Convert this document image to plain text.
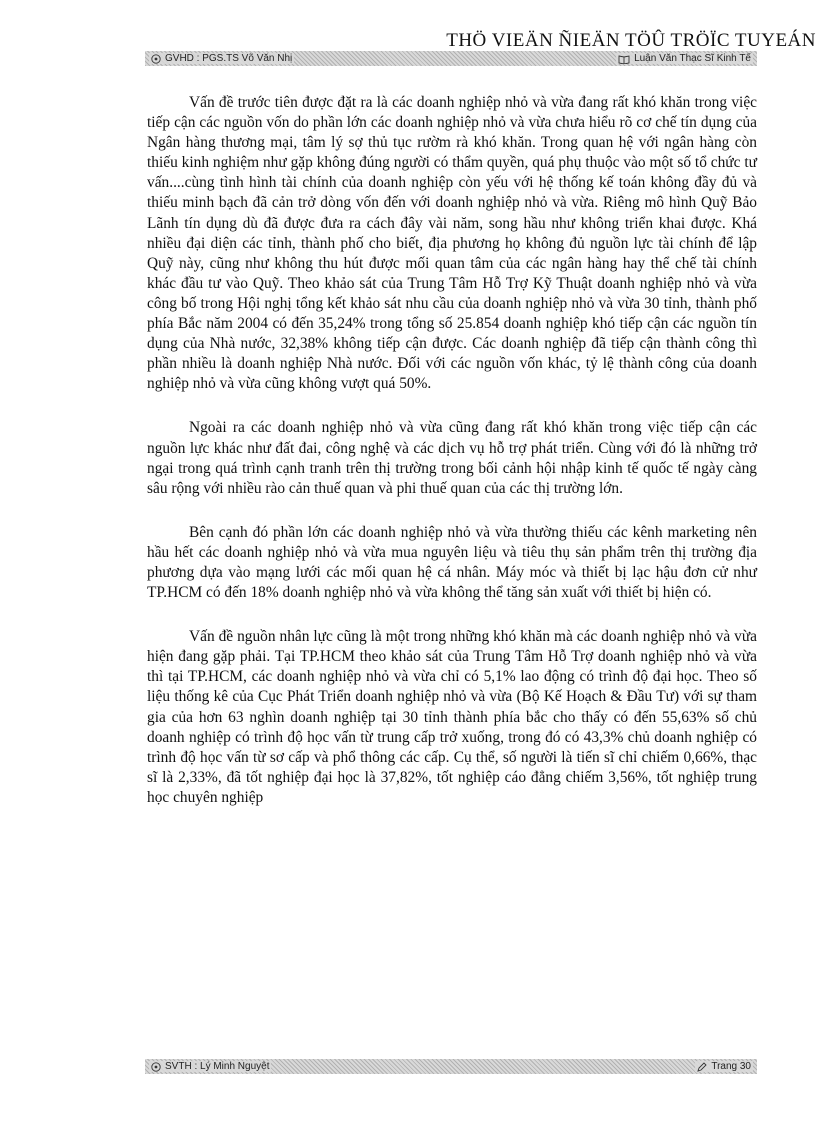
THÖ VIEÄN ÑIEÄN TÖÛ TRÖÏC TUYEÁN
GVHD : PGS.TS Võ Văn Nhị	Luận Văn Thạc Sĩ Kinh Tế

Vấn đề trước tiên được đặt ra là các doanh nghiệp nhỏ và vừa đang rất khó khăn trong việc tiếp cận các nguồn vốn do phần lớn các doanh nghiệp nhỏ và vừa chưa hiểu rõ cơ chế tín dụng của Ngân hàng thương mại, tâm lý sợ thủ tục rườm rà khó khăn. Trong quan hệ với ngân hàng còn thiếu kinh nghiệm như gặp không đúng người có thẩm quyền, quá phụ thuộc vào một số tổ chức tư vấn....cùng tình hình tài chính của doanh nghiệp còn yếu với hệ thống kế toán không đầy đủ và thiếu minh bạch đã cản trở dòng vốn đến với doanh nghiệp nhỏ và vừa. Riêng mô hình Quỹ Bảo Lãnh tín dụng dù đã được đưa ra cách đây vài năm, song hầu như không triển khai được. Khá nhiều đại diện các tỉnh, thành phố cho biết, địa phương họ không đủ nguồn lực tài chính để lập Quỹ này, cũng như không thu hút được mối quan tâm của các ngân hàng hay thể chế tài chính khác đầu tư vào Quỹ. Theo khảo sát của Trung Tâm Hỗ Trợ Kỹ Thuật doanh nghiệp nhỏ và vừa công bố trong Hội nghị tổng kết khảo sát nhu cầu của doanh nghiệp nhỏ và vừa 30 tỉnh, thành phố phía Bắc năm 2004 có đến 35,24% trong tổng số 25.854 doanh nghiệp khó tiếp cận các nguồn tín dụng của Nhà nước, 32,38% không tiếp cận được. Các doanh nghiệp đã tiếp cận thành công thì phần nhiều là doanh nghiệp Nhà nước. Đối với các nguồn vốn khác, tỷ lệ thành công của doanh nghiệp nhỏ và vừa cũng không vượt quá 50%.

Ngoài ra các doanh nghiệp nhỏ và vừa cũng đang rất khó khăn trong việc tiếp cận các nguồn lực khác như đất đai, công nghệ và các dịch vụ hỗ trợ phát triển. Cùng với đó là những trở ngại trong quá trình cạnh tranh trên thị trường trong bối cảnh hội nhập kinh tế quốc tế ngày càng sâu rộng với nhiều rào cản thuế quan và phi thuế quan của các thị trường lớn.

Bên cạnh đó phần lớn các doanh nghiệp nhỏ và vừa thường thiếu các kênh marketing nên hầu hết các doanh nghiệp nhỏ và vừa mua nguyên liệu và tiêu thụ sản phẩm trên thị trường địa phương dựa vào mạng lưới các mối quan hệ cá nhân. Máy móc và thiết bị lạc hậu đơn cử như TP.HCM có đến 18% doanh nghiệp nhỏ và vừa không thể tăng sản xuất với thiết bị hiện có.

Vấn đề nguồn nhân lực cũng là một trong những khó khăn mà các doanh nghiệp nhỏ và vừa hiện đang gặp phải. Tại TP.HCM theo khảo sát của Trung Tâm Hỗ Trợ doanh nghiệp nhỏ và vừa thì tại TP.HCM, các doanh nghiệp nhỏ và vừa chỉ có 5,1% lao động có trình độ đại học. Theo số liệu thống kê của Cục Phát Triển doanh nghiệp nhỏ và vừa (Bộ Kế Hoạch & Đầu Tư) với sự tham gia của hơn 63 nghìn doanh nghiệp tại 30 tỉnh thành phía bắc cho thấy có đến 55,63% số chủ doanh nghiệp có trình độ học vấn từ trung cấp trở xuống, trong đó có 43,3% chủ doanh nghiệp có trình độ học vấn từ sơ cấp và phổ thông các cấp. Cụ thể, số người là tiến sĩ chỉ chiếm 0,66%, thạc sĩ là 2,33%, đã tốt nghiệp đại học là 37,82%, tốt nghiệp cáo đẳng chiếm 3,56%, tốt nghiệp trung học chuyên nghiệp

SVTH : Lý Minh Nguyệt	Trang 30
